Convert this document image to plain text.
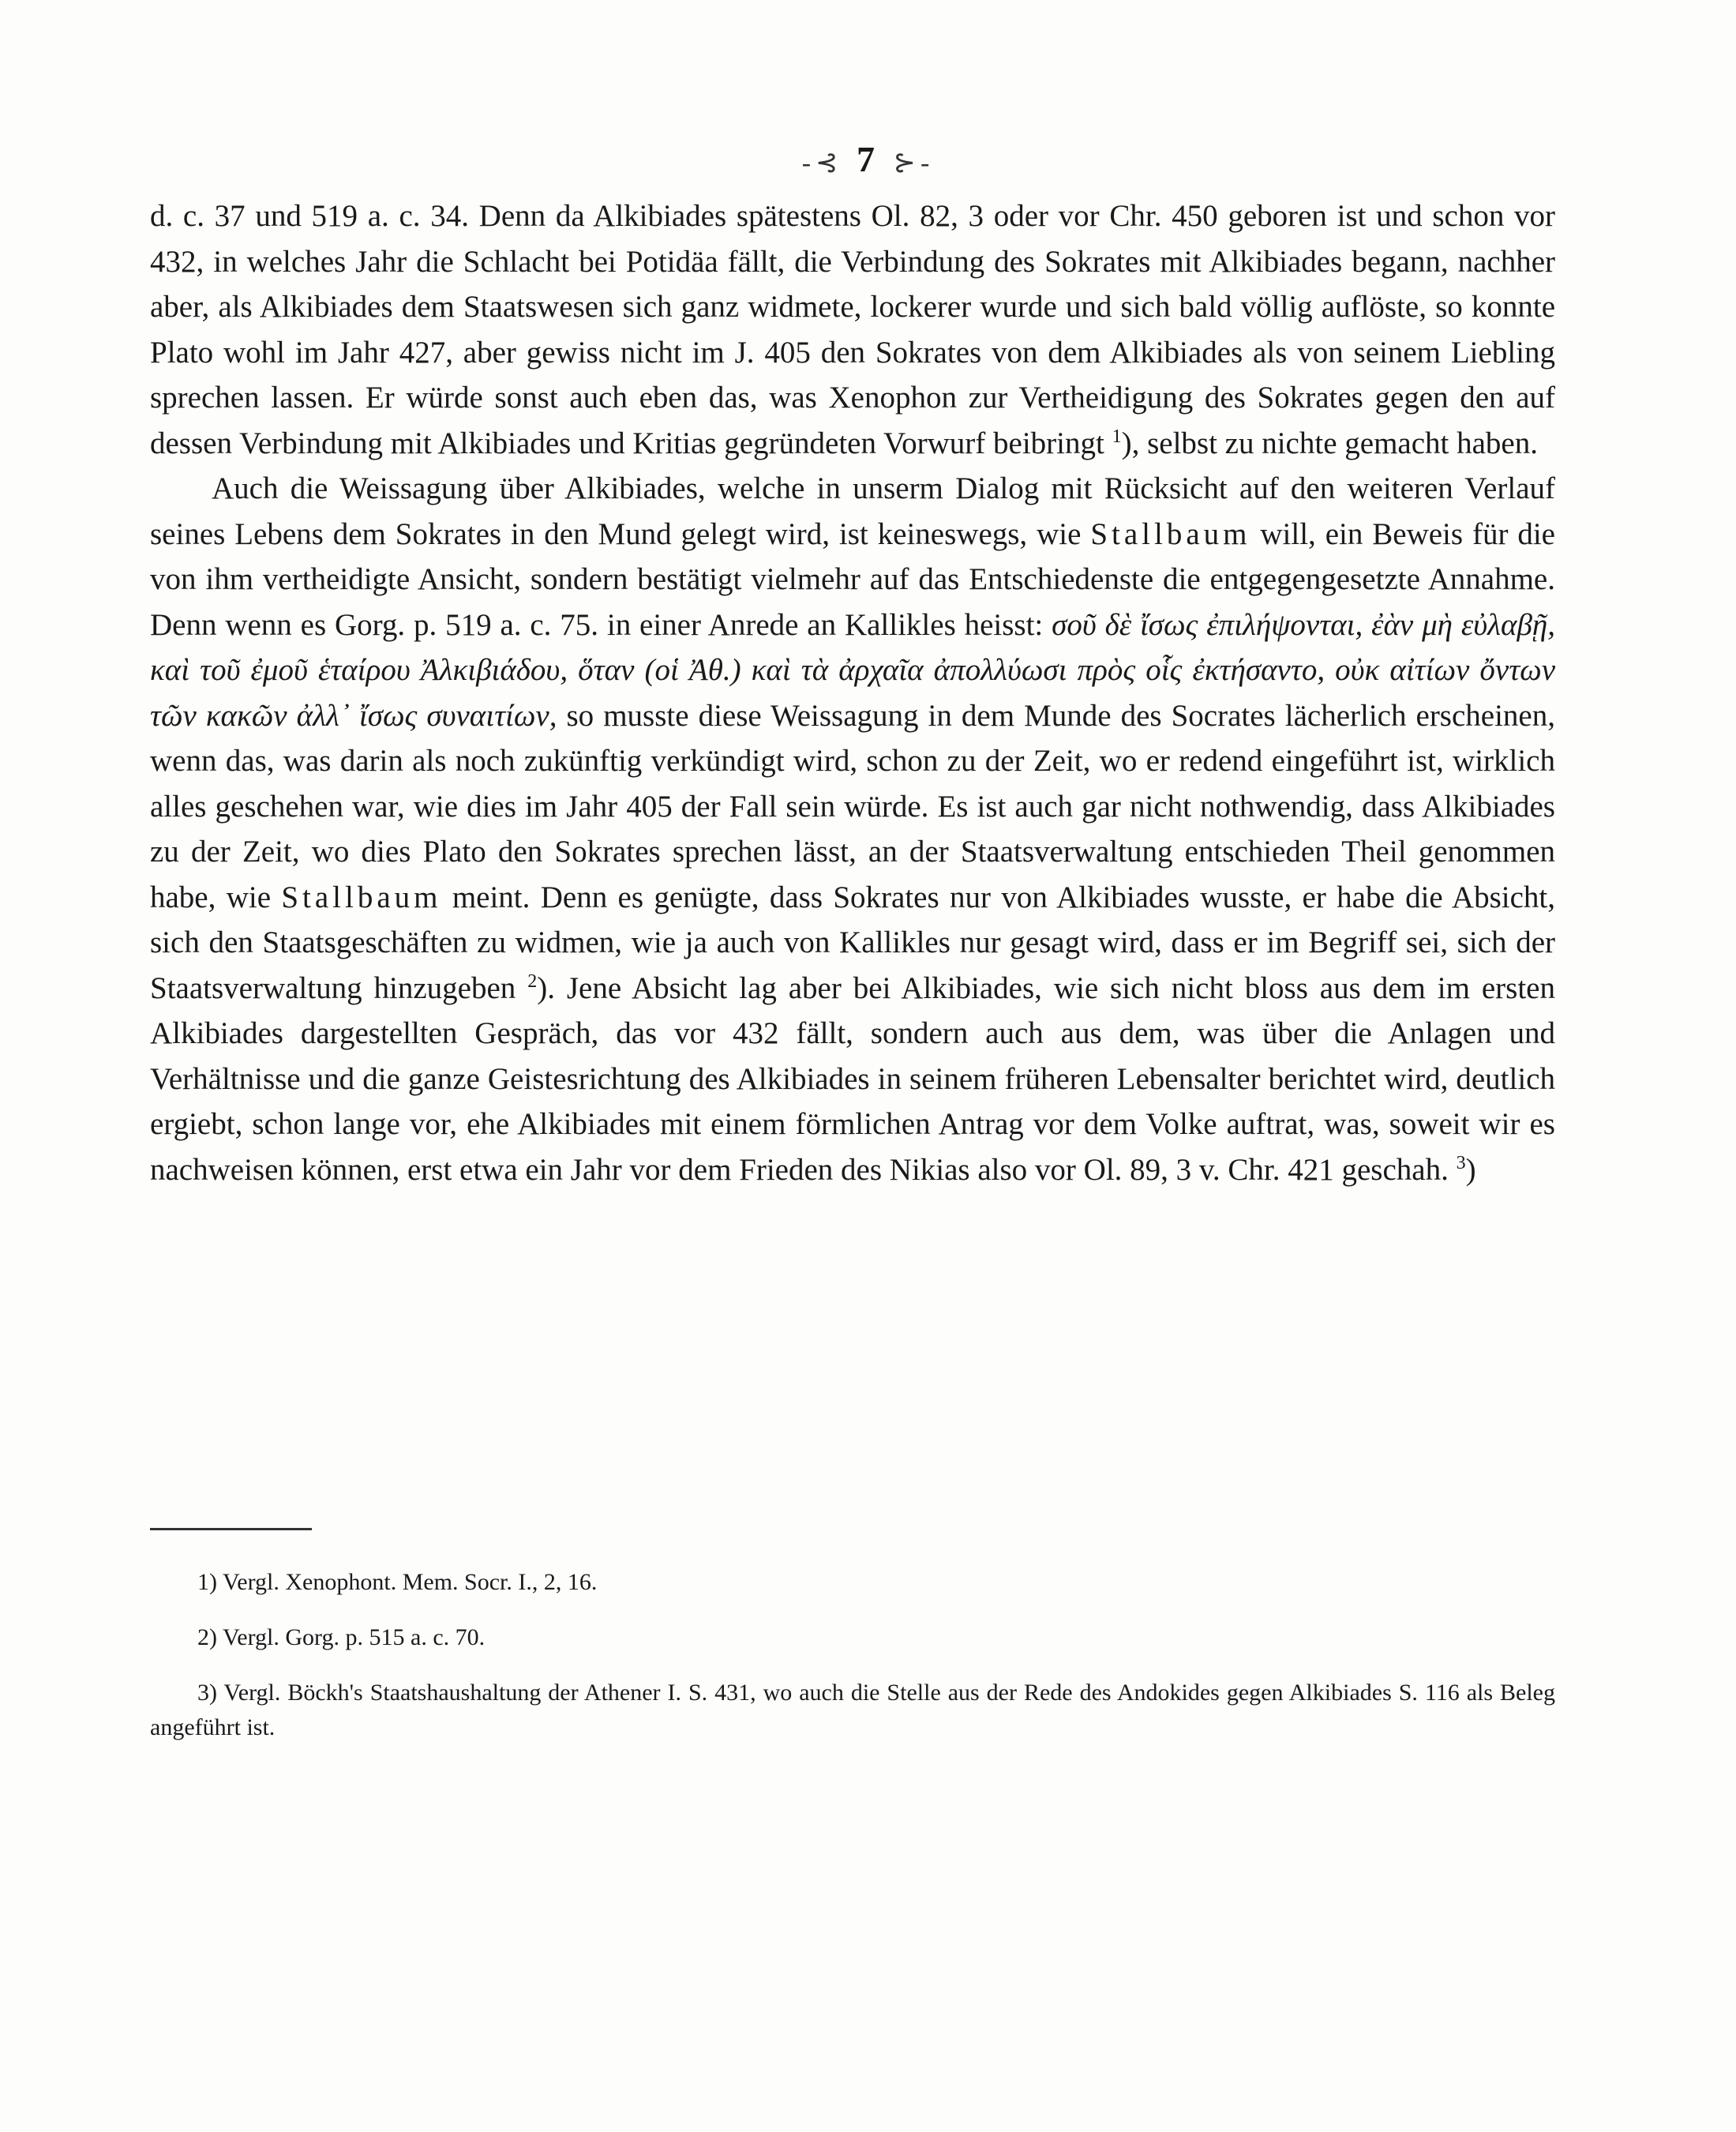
-⊰ 7 ⊱-

d. c. 37 und 519 a. c. 34. Denn da Alkibiades spätestens Ol. 82, 3 oder vor Chr. 450 geboren ist und schon vor 432, in welches Jahr die Schlacht bei Potidäa fällt, die Verbindung des Sokrates mit Alkibiades begann, nachher aber, als Alkibiades dem Staatswesen sich ganz widmete, lockerer wurde und sich bald völlig auflöste, so konnte Plato wohl im Jahr 427, aber gewiss nicht im J. 405 den Sokrates von dem Alkibiades als von seinem Liebling sprechen lassen. Er würde sonst auch eben das, was Xenophon zur Vertheidigung des Sokrates gegen den auf dessen Verbindung mit Alkibiades und Kritias gegründeten Vorwurf beibringt $^1$), selbst zu nichte gemacht haben.

Auch die Weissagung über Alkibiades, welche in unserm Dialog mit Rücksicht auf den weiteren Verlauf seines Lebens dem Sokrates in den Mund gelegt wird, ist keineswegs, wie Stallbaum will, ein Beweis für die von ihm vertheidigte Ansicht, sondern bestätigt vielmehr auf das Entschiedenste die entgegengesetzte Annahme. Denn wenn es Gorg. p. 519 a. c. 75. in einer Anrede an Kallikles heisst: σοῦ δὲ ἴσως ἐπιλήψονται, ἐὰν μὴ εὐλαβῇ, καὶ τοῦ ἐμοῦ ἑταίρου Ἀλκιβιάδου, ὅταν (οἱ Ἀθ.) καὶ τὰ ἀρχαῖα ἀπολλύωσι πρὸς οἷς ἐκτήσαντο, οὐκ αἰτίων ὄντων τῶν κακῶν ἀλλ᾽ ἴσως συναιτίων, so musste diese Weissagung in dem Munde des Socrates lächerlich erscheinen, wenn das, was darin als noch zukünftig verkündigt wird, schon zu der Zeit, wo er redend eingeführt ist, wirklich alles geschehen war, wie dies im Jahr 405 der Fall sein würde. Es ist auch gar nicht nothwendig, dass Alkibiades zu der Zeit, wo dies Plato den Sokrates sprechen lässt, an der Staatsverwaltung entschieden Theil genommen habe, wie Stallbaum meint. Denn es genügte, dass Sokrates nur von Alkibiades wusste, er habe die Absicht, sich den Staatsgeschäften zu widmen, wie ja auch von Kallikles nur gesagt wird, dass er im Begriff sei, sich der Staatsverwaltung hinzugeben $^2$). Jene Absicht lag aber bei Alkibiades, wie sich nicht bloss aus dem im ersten Alkibiades dargestellten Gespräch, das vor 432 fällt, sondern auch aus dem, was über die Anlagen und Verhältnisse und die ganze Geistesrichtung des Alkibiades in seinem früheren Lebensalter berichtet wird, deutlich ergiebt, schon lange vor, ehe Alkibiades mit einem förmlichen Antrag vor dem Volke auftrat, was, soweit wir es nachweisen können, erst etwa ein Jahr vor dem Frieden des Nikias also vor Ol. 89, 3 v. Chr. 421 geschah. $^3$)

1) Vergl. Xenophont. Mem. Socr. I., 2, 16.

2) Vergl. Gorg. p. 515 a. c. 70.

3) Vergl. Böckh's Staatshaushaltung der Athener I. S. 431, wo auch die Stelle aus der Rede des Andokides gegen Alkibiades S. 116 als Beleg angeführt ist.
